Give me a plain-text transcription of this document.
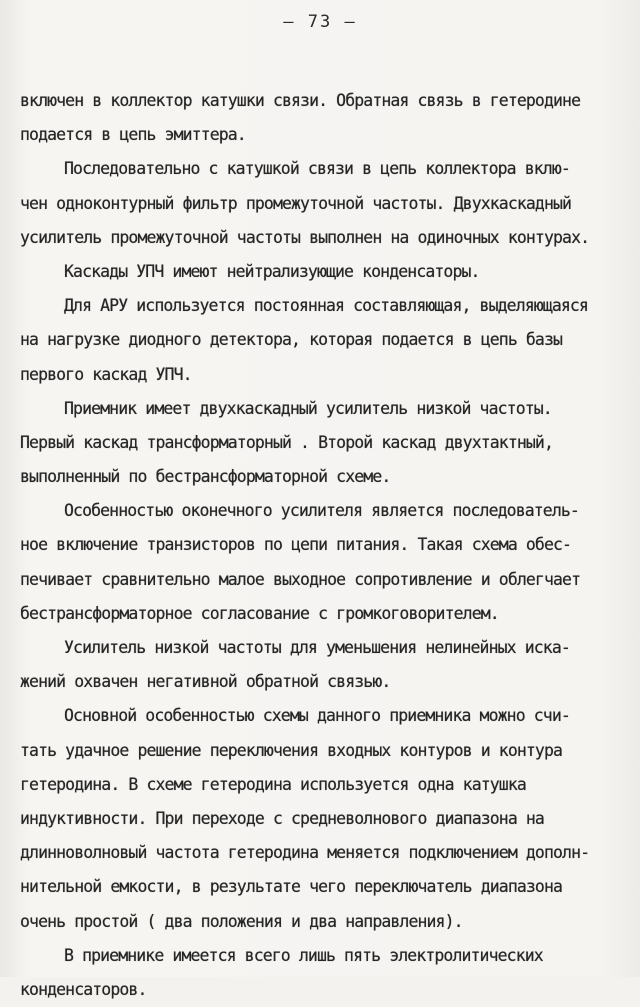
– 73 –
включен в коллектор катушки связи. Обратная связь в гетеродине
подается в цепь эмиттера.
Последовательно с катушкой связи в цепь коллектора вклю-
чен одноконтурный фильтр промежуточной частоты. Двухкаскадный
усилитель промежуточной частоты выполнен на одиночных контурах.
Каскады УПЧ имеют нейтрализующие конденсаторы.
Для АРУ используется постоянная составляющая, выделяющаяся
на нагрузке диодного детектора, которая подается в цепь базы
первого каскад УПЧ.
Приемник имеет двухкаскадный усилитель низкой частоты.
Первый каскад трансформаторный . Второй каскад двухтактный,
выполненный по бестрансформаторной схеме.
Особенностью оконечного усилителя является последователь-
ное включение транзисторов по цепи питания. Такая схема обес-
печивает сравнительно малое выходное сопротивление и облегчает
бестрансформаторное согласование с громкоговорителем.
Усилитель низкой частоты для уменьшения нелинейных иска-
жений охвачен негативной обратной связью.
Основной особенностью схемы данного приемника можно счи-
тать удачное решение переключения входных контуров и контура
гетеродина. В схеме гетеродина используется одна катушка
индуктивности. При переходе с средневолнового диапазона на
длинноволновый частота гетеродина меняется подключением дополн-
нительной емкости, в результате чего переключатель диапазона
очень простой ( два положения и два направления).
В приемнике имеется всего лишь пять электролитических
конденсаторов.
